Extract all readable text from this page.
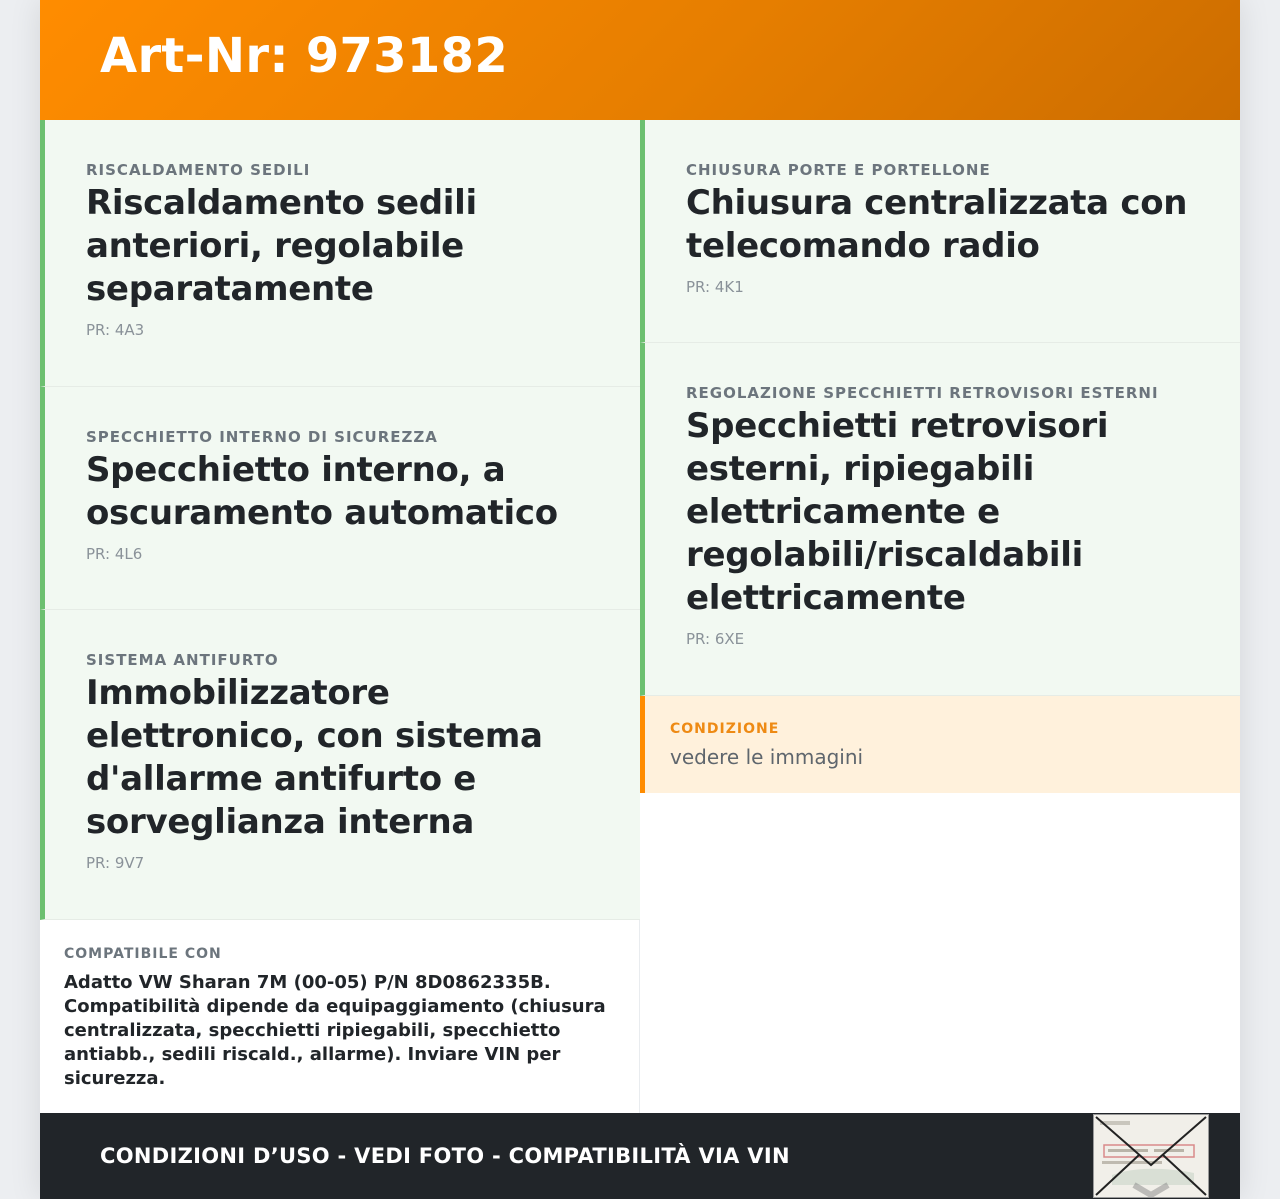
Art-Nr: 973182

RISCALDAMENTO SEDILI

Riscaldamento sedili anteriori, regolabile separatamente

PR: 4A3

SPECCHIETTO INTERNO DI SICUREZZA

Specchietto interno, a oscuramento automatico

PR: 4L6

SISTEMA ANTIFURTO

Immobilizzatore elettronico, con sistema d'allarme antifurto e sorveglianza interna

PR: 9V7

CHIUSURA PORTE E PORTELLONE

Chiusura centralizzata con telecomando radio

PR: 4K1

REGOLAZIONE SPECCHIETTI RETROVISORI ESTERNI

Specchietti retrovisori esterni, ripiegabili elettricamente e regolabili/riscaldabili elettricamente

PR: 6XE

CONDIZIONE

vedere le immagini

COMPATIBILE CON

Adatto VW Sharan 7M (00-05) P/N 8D0862335B. Compatibilità dipende da equipaggiamento (chiusura centralizzata, specchietti ripiegabili, specchietto antiabb., sedili riscald., allarme). Inviare VIN per sicurezza.

CONDIZIONI D’USO - VEDI FOTO - COMPATIBILITÀ VIA VIN
